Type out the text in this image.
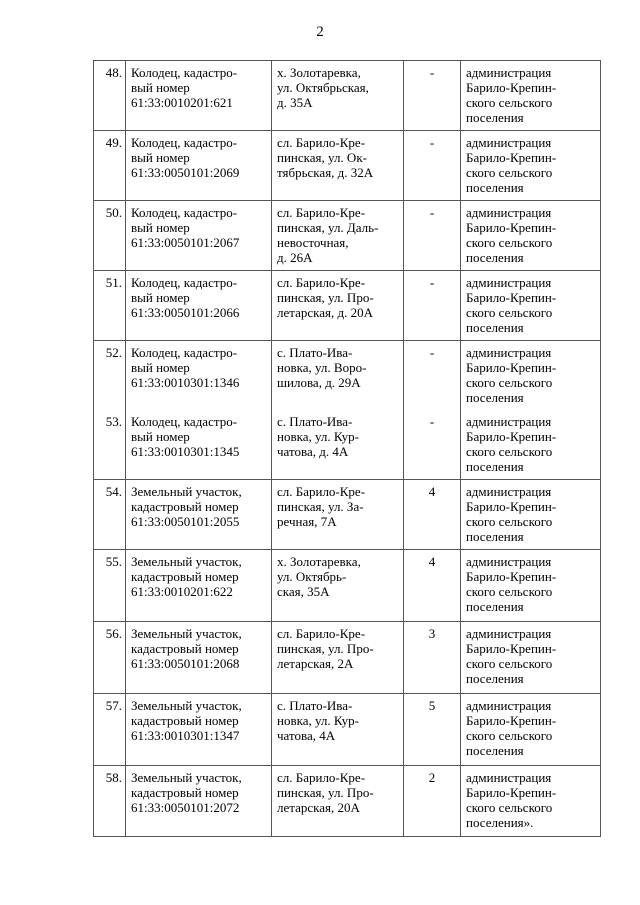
2
48.	Колодец, кадастро-
вый номер
61:33:0010201:621	х. Золотаревка,
ул. Октябрьская,
д. 35А	-	администрация
Барило-Крепин-
ского сельского
поселения

49.	Колодец, кадастро-
вый номер
61:33:0050101:2069	сл. Барило-Кре-
пинская, ул. Ок-
тябрьская, д. 32А	-	администрация
Барило-Крепин-
ского сельского
поселения

50.	Колодец, кадастро-
вый номер
61:33:0050101:2067	сл. Барило-Кре-
пинская, ул. Даль-
невосточная,
д. 26А	-	администрация
Барило-Крепин-
ского сельского
поселения

51.	Колодец, кадастро-
вый номер
61:33:0050101:2066	сл. Барило-Кре-
пинская, ул. Про-
летарская, д. 20А	-	администрация
Барило-Крепин-
ского сельского
поселения

52.	Колодец, кадастро-
вый номер
61:33:0010301:1346	с. Плато-Ива-
новка, ул. Воро-
шилова, д. 29А	-	администрация
Барило-Крепин-
ского сельского
поселения

53.	Колодец, кадастро-
вый номер
61:33:0010301:1345	с. Плато-Ива-
новка, ул. Кур-
чатова, д. 4А	-	администрация
Барило-Крепин-
ского сельского
поселения

54.	Земельный участок,
кадастровый номер
61:33:0050101:2055	сл. Барило-Кре-
пинская, ул. За-
речная, 7А	4	администрация
Барило-Крепин-
ского сельского
поселения

55.	Земельный участок,
кадастровый номер
61:33:0010201:622	х. Золотаревка,
ул. Октябрь-
ская, 35А	4	администрация
Барило-Крепин-
ского сельского
поселения

56.	Земельный участок,
кадастровый номер
61:33:0050101:2068	сл. Барило-Кре-
пинская, ул. Про-
летарская, 2А	3	администрация
Барило-Крепин-
ского сельского
поселения

57.	Земельный участок,
кадастровый номер
61:33:0010301:1347	с. Плато-Ива-
новка, ул. Кур-
чатова, 4А	5	администрация
Барило-Крепин-
ского сельского
поселения

58.	Земельный участок,
кадастровый номер
61:33:0050101:2072	сл. Барило-Кре-
пинская, ул. Про-
летарская, 20А	2	администрация
Барило-Крепин-
ского сельского
поселения».
